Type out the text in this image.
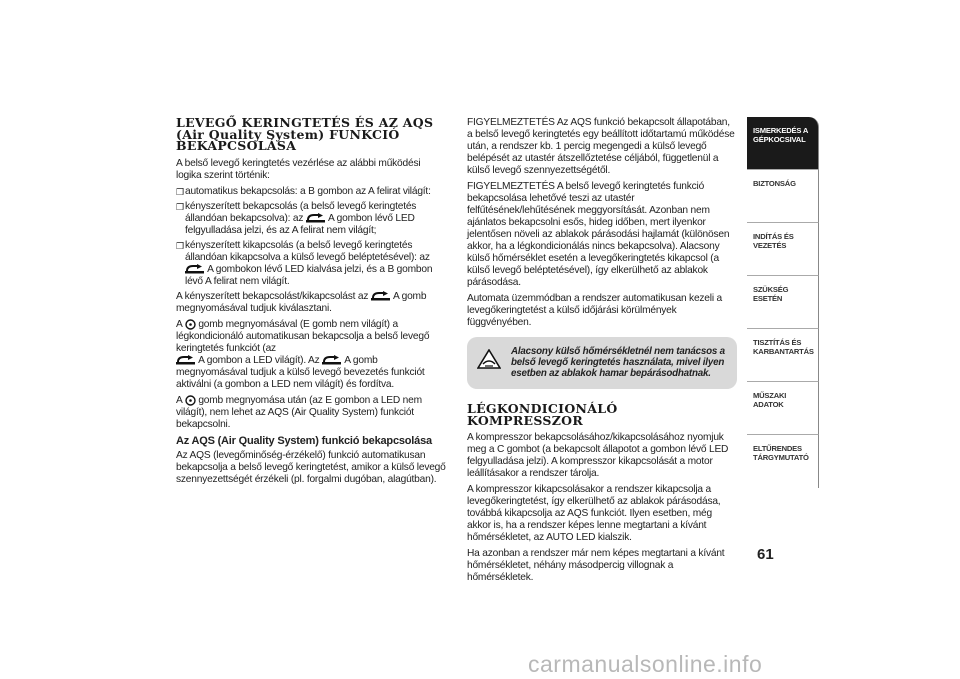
LEVEGŐ KERINGTETÉS ÉS AZ AQS
(Air Quality System) FUNKCIÓ
BEKAPCSOLÁSA

A belső levegő keringtetés vezérlése az alábbi működési logika szerint történik:

❒ automatikus bekapcsolás: a B gombon az A felirat világít:
❒ kényszerített bekapcsolás (a belső levegő keringtetés állandóan bekapcsolva): az A gombon lévő LED felgyulladása jelzi, és az A felirat nem világít;
❒ kényszerített kikapcsolás (a belső levegő keringtetés állandóan kikapcsolva a külső levegő beléptetésével): az  A gombokon lévő LED kialvása jelzi, és a B gombon lévő A felirat nem világít.

A kényszerített bekapcsolást/kikapcsolást az A gomb megnyomásával tudjuk kiválasztani.

A gomb megnyomásával (E gomb nem világít) a légkondicionáló automatikusan bekapcsolja a belső levegő keringtetés funkciót (az
A gombon a LED világít). Az A gomb megnyomásával tudjuk a külső levegő bevezetés funkciót aktiválni (a gombon a LED nem világít) és fordítva.

A gomb megnyomása után (az E gombon a LED nem világít), nem lehet az AQS (Air Quality System) funkciót bekapcsolni.

Az AQS (Air Quality System) funkció bekapcsolása

Az AQS (levegőminőség-érzékelő) funkció automatikusan bekapcsolja a belső levegő keringtetést, amikor a külső levegő szennyezettségét érzékeli (pl. forgalmi dugóban, alagútban).

FIGYELMEZTETÉS Az AQS funkció bekapcsolt állapotában, a belső levegő keringtetés egy beállított időtartamú működése után, a rendszer kb. 1 percig megengedi a külső levegő belépését az utastér átszellőztetése céljából, függetlenül a külső levegő szennyezettségétől.

FIGYELMEZTETÉS A belső levegő keringtetés funkció bekapcsolása lehetővé teszi az utastér felfűtésének/lehűtésének meggyorsítását. Azonban nem ajánlatos bekapcsolni esős, hideg időben, mert ilyenkor jelentősen növeli az ablakok párásodási hajlamát (különösen akkor, ha a légkondicionálás nincs bekapcsolva). Alacsony külső hőmérséklet esetén a levegőkeringtetés kikapcsol (a külső levegő beléptetésével), így elkerülhető az ablakok párásodása.

Automata üzemmódban a rendszer automatikusan kezeli a levegőkeringtetést a külső időjárási körülmények függvényében.

Alacsony külső hőmérsékletnél nem tanácsos a belső levegő keringtetés használata, mivel ilyen esetben az ablakok hamar bepárásodhatnak.
LÉGKONDICIONÁLÓ KOMPRESSZOR

A kompresszor bekapcsolásához/kikapcsolásához nyomjuk meg a C gombot (a bekapcsolt állapotot a gombon lévő LED felgyulladása jelzi). A kompresszor kikapcsolását a motor leállításakor a rendszer tárolja.

A kompresszor kikapcsolásakor a rendszer kikapcsolja a levegőkeringtetést, így elkerülhető az ablakok párásodása, továbbá kikapcsolja az AQS funkciót. Ilyen esetben, még akkor is, ha a rendszer képes lenne megtartani a kívánt hőmérsékletet, az AUTO LED kialszik.

Ha azonban a rendszer már nem képes megtartani a kívánt hőmérsékletet, néhány másodpercig villognak a hőmérsékletek.

ISMERKEDÉS A GÉPKOCSIVAL
BIZTONSÁG
INDÍTÁS ÉS VEZETÉS
SZÜKSÉG ESETÉN
TISZTÍTÁS ÉS KARBANTARTÁS
MŰSZAKI ADATOK
ELTŰRENDES TÁRGYMUTATÓ
61
carmanualsonline.info
